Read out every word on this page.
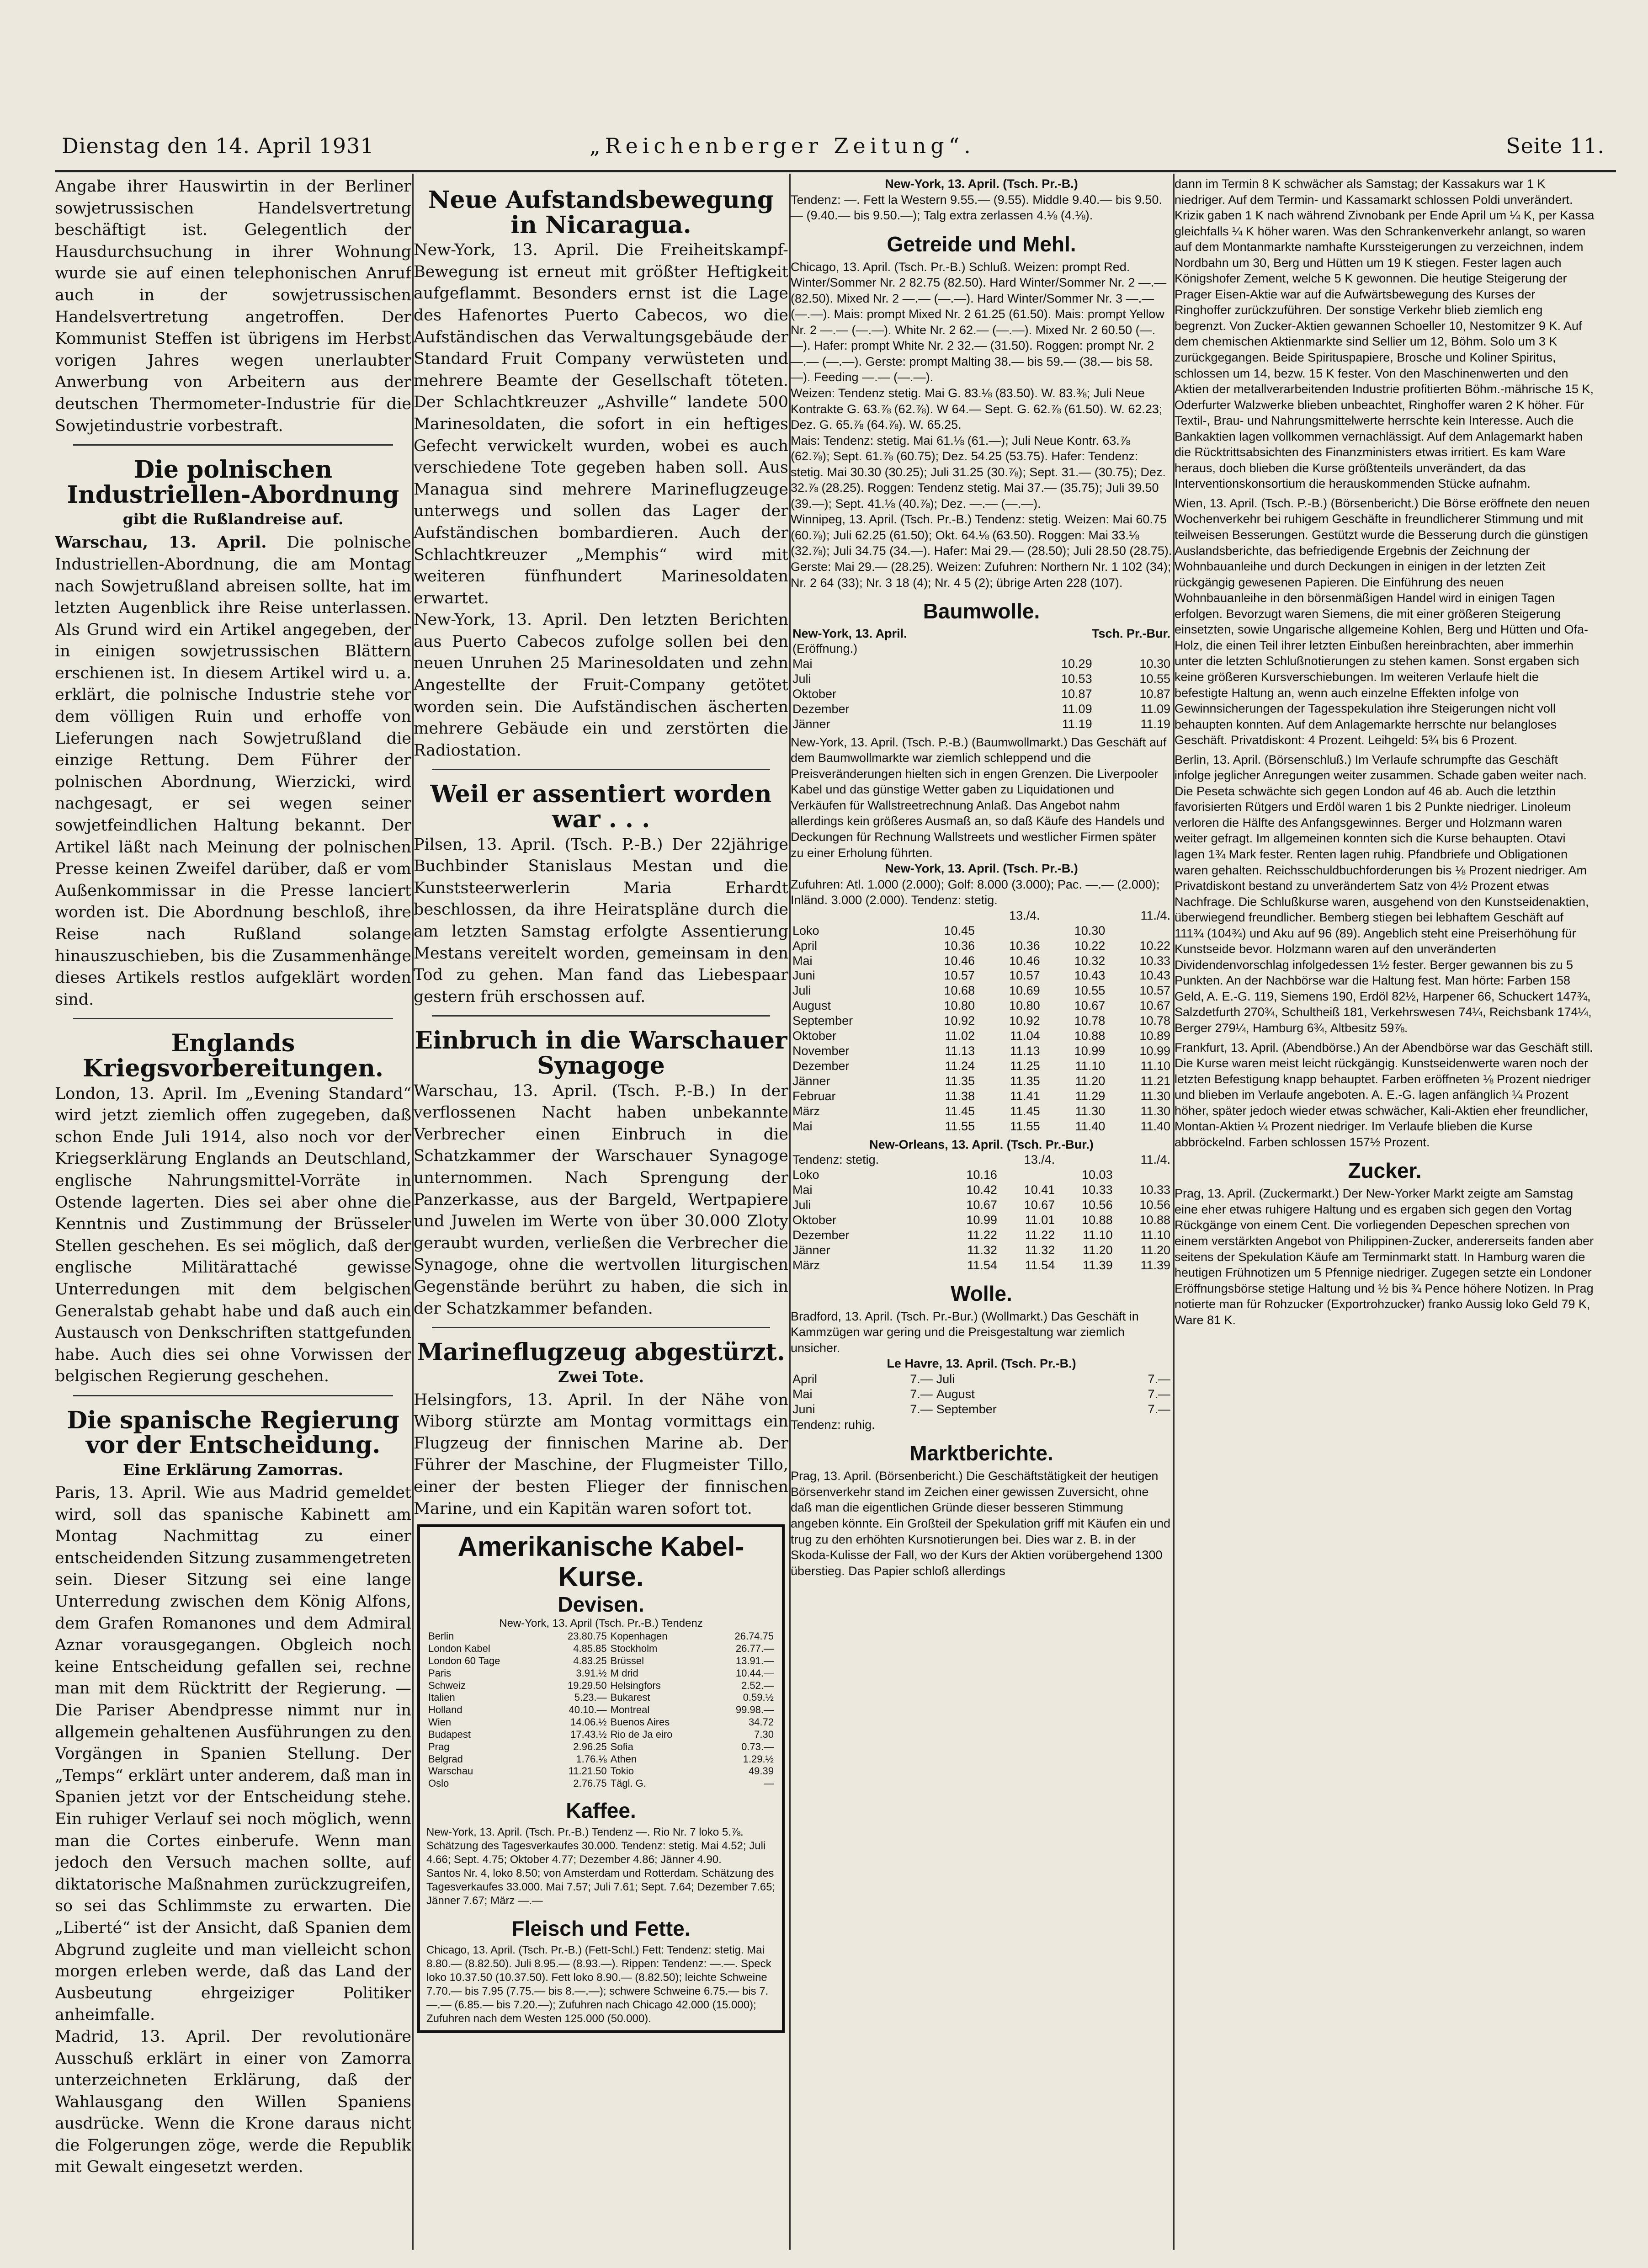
Dienstag den 14. April 1931	„Reichenberger Zeitung“.	Seite 11.

Angabe ihrer Hauswirtin in der Berliner sowjetrussischen Handelsvertretung beschäftigt ist. Gelegentlich der Hausdurchsuchung in ihrer Wohnung wurde sie auf einen telephonischen Anruf auch in der sowjetrussischen Handelsvertretung angetroffen. Der Kommunist Steffen ist übrigens im Herbst vorigen Jahres wegen unerlaubter Anwerbung von Arbeitern aus der deutschen Thermometer-Industrie für die Sowjetindustrie vorbestraft.

Die polnischen Industriellen-Abordnung
gibt die Rußlandreise auf.

Warschau, 13. April. Die polnische Industriellen-Abordnung, die am Montag nach Sowjetrußland abreisen sollte, hat im letzten Augenblick ihre Reise unterlassen. Als Grund wird ein Artikel angegeben, der in einigen sowjetrussischen Blättern erschienen ist. In diesem Artikel wird u. a. erklärt, die polnische Industrie stehe vor dem völligen Ruin und erhoffe von Lieferungen nach Sowjetrußland die einzige Rettung. Dem Führer der polnischen Abordnung, Wierzicki, wird nachgesagt, er sei wegen seiner sowjetfeindlichen Haltung bekannt. Der Artikel läßt nach Meinung der polnischen Presse keinen Zweifel darüber, daß er vom Außenkommissar in die Presse lanciert worden ist. Die Abordnung beschloß, ihre Reise nach Rußland solange hinauszuschieben, bis die Zusammenhänge dieses Artikels restlos aufgeklärt worden sind.

Englands Kriegsvorbereitungen.

London, 13. April. Im „Evening Standard“ wird jetzt ziemlich offen zugegeben, daß schon Ende Juli 1914, also noch vor der Kriegserklärung Englands an Deutschland, englische Nahrungsmittel-Vorräte in Ostende lagerten. Dies sei aber ohne die Kenntnis und Zustimmung der Brüsseler Stellen geschehen. Es sei möglich, daß der englische Militärattaché gewisse Unterredungen mit dem belgischen Generalstab gehabt habe und daß auch ein Austausch von Denkschriften stattgefunden habe. Auch dies sei ohne Vorwissen der belgischen Regierung geschehen.

Die spanische Regierung vor der Entscheidung.
Eine Erklärung Zamorras.

Paris, 13. April. Wie aus Madrid gemeldet wird, soll das spanische Kabinett am Montag Nachmittag zu einer entscheidenden Sitzung zusammengetreten sein. Dieser Sitzung sei eine lange Unterredung zwischen dem König Alfons, dem Grafen Romanones und dem Admiral Aznar vorausgegangen. Obgleich noch keine Entscheidung gefallen sei, rechne man mit dem Rücktritt der Regierung. — Die Pariser Abendpresse nimmt nur in allgemein gehaltenen Ausführungen zu den Vorgängen in Spanien Stellung. Der „Temps“ erklärt unter anderem, daß man in Spanien jetzt vor der Entscheidung stehe. Ein ruhiger Verlauf sei noch möglich, wenn man die Cortes einberufe. Wenn man jedoch den Versuch machen sollte, auf diktatorische Maßnahmen zurückzugreifen, so sei das Schlimmste zu erwarten. Die „Liberté“ ist der Ansicht, daß Spanien dem Abgrund zugleite und man vielleicht schon morgen erleben werde, daß das Land der Ausbeutung ehrgeiziger Politiker anheimfalle.

Madrid, 13. April. Der revolutionäre Ausschuß erklärt in einer von Zamorra unterzeichneten Erklärung, daß der Wahlausgang den Willen Spaniens ausdrücke. Wenn die Krone daraus nicht die Folgerungen zöge, werde die Republik mit Gewalt eingesetzt werden.

Neue Aufstandsbewegung in Nicaragua.

New-York, 13. April. Die Freiheitskampf-Bewegung ist erneut mit größter Heftigkeit aufgeflammt. Besonders ernst ist die Lage des Hafenortes Puerto Cabecos, wo die Aufständischen das Verwaltungsgebäude der Standard Fruit Company verwüsteten und mehrere Beamte der Gesellschaft töteten. Der Schlachtkreuzer „Ashville“ landete 500 Marinesoldaten, die sofort in ein heftiges Gefecht verwickelt wurden, wobei es auch verschiedene Tote gegeben haben soll. Aus Managua sind mehrere Marineflugzeuge unterwegs und sollen das Lager der Aufständischen bombardieren. Auch der Schlachtkreuzer „Memphis“ wird mit weiteren fünfhundert Marinesoldaten erwartet.

New-York, 13. April. Den letzten Berichten aus Puerto Cabecos zufolge sollen bei den neuen Unruhen 25 Marinesoldaten und zehn Angestellte der Fruit-Company getötet worden sein. Die Aufständischen äscherten mehrere Gebäude ein und zerstörten die Radiostation.

Weil er assentiert worden war . . .

Pilsen, 13. April. (Tsch. P.-B.) Der 22jährige Buchbinder Stanislaus Mestan und die Kunststeerwerlerin Maria Erhardt beschlossen, da ihre Heiratspläne durch die am letzten Samstag erfolgte Assentierung Mestans vereitelt worden, gemeinsam in den Tod zu gehen. Man fand das Liebespaar gestern früh erschossen auf.

Einbruch in die Warschauer Synagoge

Warschau, 13. April. (Tsch. P.-B.) In der verflossenen Nacht haben unbekannte Verbrecher einen Einbruch in die Schatzkammer der Warschauer Synagoge unternommen. Nach Sprengung der Panzerkasse, aus der Bargeld, Wertpapiere und Juwelen im Werte von über 30.000 Zloty geraubt wurden, verließen die Verbrecher die Synagoge, ohne die wertvollen liturgischen Gegenstände berührt zu haben, die sich in der Schatzkammer befanden.

Marineflugzeug abgestürzt.
Zwei Tote.

Helsingfors, 13. April. In der Nähe von Wiborg stürzte am Montag vormittags ein Flugzeug der finnischen Marine ab. Der Führer der Maschine, der Flugmeister Tillo, einer der besten Flieger der finnischen Marine, und ein Kapitän waren sofort tot.

Amerikanische Kabel-Kurse.
Devisen.
New-York, 13. April (Tsch. Pr.-B.) Tendenz
Berlin	23.80.75	Kopenhagen	26.74.75
London Kabel	4.85.85	Stockholm	26.77.—
London 60 Tage	4.83.25	Brüssel	13.91.—
Paris	3.91.½	M drid	10.44.—
Schweiz	19.29.50	Helsingfors	2.52.—
Italien	5.23.—	Bukarest	0.59.½
Holland	40.10.—	Montreal	99.98.—
Wien	14.06.½	Buenos Aires	34.72
Budapest	17.43.½	Rio de Ja eiro	7.30
Prag	2.96.25	Sofia	0.73.—
Belgrad	1.76.⅛	Athen	1.29.½
Warschau	11.21.50	Tokio	49.39
Oslo	2.76.75	Tägl. G.	—
Kaffee.
New-York, 13. April. (Tsch. Pr.-B.) Tendenz —. Rio Nr. 7 loko 5.⅞. Schätzung des Tagesverkaufes 30.000. Tendenz: stetig. Mai 4.52; Juli 4.66; Sept. 4.75; Oktober 4.77; Dezember 4.86; Jänner 4.90.
Santos Nr. 4, loko 8.50; von Amsterdam und Rotterdam. Schätzung des Tagesverkaufes 33.000. Mai 7.57; Juli 7.61; Sept. 7.64; Dezember 7.65; Jänner 7.67; März —.—
Fleisch und Fette.
Chicago, 13. April. (Tsch. Pr.-B.) (Fett-Schl.) Fett: Tendenz: stetig. Mai 8.80.— (8.82.50). Juli 8.95.— (8.93.—). Rippen: Tendenz: —.—. Speck loko 10.37.50 (10.37.50). Fett loko 8.90.— (8.82.50); leichte Schweine 7.70.— bis 7.95 (7.75.— bis 8.—.—); schwere Schweine 6.75.— bis 7.—.— (6.85.— bis 7.20.—); Zufuhren nach Chicago 42.000 (15.000); Zufuhren nach dem Westen 125.000 (50.000).
New-York, 13. April. (Tsch. Pr.-B.)
Tendenz: —. Fett la Western 9.55.— (9.55). Middle 9.40.— bis 9.50.— (9.40.— bis 9.50.—); Talg extra zerlassen 4.⅛ (4.⅛).
Getreide und Mehl.
Chicago, 13. April. (Tsch. Pr.-B.) Schluß. Weizen: prompt Red. Winter/Sommer Nr. 2 82.75 (82.50). Hard Winter/Sommer Nr. 2 —.— (82.50). Mixed Nr. 2 —.— (—.—). Hard Winter/Sommer Nr. 3 —.— (—.—). Mais: prompt Mixed Nr. 2 61.25 (61.50). Mais: prompt Yellow Nr. 2 —.— (—.—). White Nr. 2 62.— (—.—). Mixed Nr. 2 60.50 (—.—). Hafer: prompt White Nr. 2 32.— (31.50). Roggen: prompt Nr. 2 —.— (—.—). Gerste: prompt Malting 38.— bis 59.— (38.— bis 58.—). Feeding —.— (—.—).
Weizen: Tendenz stetig. Mai G. 83.⅛ (83.50). W. 83.⅜; Juli Neue Kontrakte G. 63.⅞ (62.⅞). W 64.— Sept. G. 62.⅞ (61.50). W. 62.23; Dez. G. 65.⅞ (64.⅞). W. 65.25.
Mais: Tendenz: stetig. Mai 61.⅛ (61.—); Juli Neue Kontr. 63.⅞ (62.⅞); Sept. 61.⅞ (60.75); Dez. 54.25 (53.75). Hafer: Tendenz: stetig. Mai 30.30 (30.25); Juli 31.25 (30.⅞); Sept. 31.— (30.75); Dez. 32.⅞ (28.25). Roggen: Tendenz stetig. Mai 37.— (35.75); Juli 39.50 (39.—); Sept. 41.⅛ (40.⅞); Dez. —.— (—.—).
Winnipeg, 13. April. (Tsch. Pr.-B.) Tendenz: stetig. Weizen: Mai 60.75 (60.⅞); Juli 62.25 (61.50); Okt. 64.⅛ (63.50). Roggen: Mai 33.⅛ (32.⅞); Juli 34.75 (34.—). Hafer: Mai 29.— (28.50); Juli 28.50 (28.75). Gerste: Mai 29.— (28.25). Weizen: Zufuhren: Northern Nr. 1 102 (34); Nr. 2 64 (33); Nr. 3 18 (4); Nr. 4 5 (2); übrige Arten 228 (107).
Baumwolle.
New-York, 13. April.	Tsch. Pr.-Bur.	
(Eröffnung.)		
Mai	10.29	10.30
Juli	10.53	10.55
Oktober	10.87	10.87
Dezember	11.09	11.09
Jänner	11.19	11.19
New-York, 13. April. (Tsch. P.-B.) (Baumwollmarkt.) Das Geschäft auf dem Baumwollmarkte war ziemlich schleppend und die Preisveränderungen hielten sich in engen Grenzen. Die Liverpooler Kabel und das günstige Wetter gaben zu Liquidationen und Verkäufen für Wallstreetrechnung Anlaß. Das Angebot nahm allerdings kein größeres Ausmaß an, so daß Käufe des Handels und Deckungen für Rechnung Wallstreets und westlicher Firmen später zu einer Erholung führten.
New-York, 13. April. (Tsch. Pr.-B.)
Zufuhren: Atl. 1.000 (2.000); Golf: 8.000 (3.000); Pac. —.— (2.000); Inländ. 3.000 (2.000). Tendenz: stetig.
	13./4.		11./4.	
Loko	10.45		10.30	
April	10.36	10.36	10.22	10.22
Mai	10.46	10.46	10.32	10.33
Juni	10.57	10.57	10.43	10.43
Juli	10.68	10.69	10.55	10.57
August	10.80	10.80	10.67	10.67
September	10.92	10.92	10.78	10.78
Oktober	11.02	11.04	10.88	10.89
November	11.13	11.13	10.99	10.99
Dezember	11.24	11.25	11.10	11.10
Jänner	11.35	11.35	11.20	11.21
Februar	11.38	11.41	11.29	11.30
März	11.45	11.45	11.30	11.30
Mai	11.55	11.55	11.40	11.40
New-Orleans, 13. April. (Tsch. Pr.-Bur.)
Tendenz: stetig.	13./4.		11./4.	
Loko	10.16		10.03	
Mai	10.42	10.41	10.33	10.33
Juli	10.67	10.67	10.56	10.56
Oktober	10.99	11.01	10.88	10.88
Dezember	11.22	11.22	11.10	11.10
Jänner	11.32	11.32	11.20	11.20
März	11.54	11.54	11.39	11.39
Wolle.
Bradford, 13. April. (Tsch. Pr.-Bur.) (Wollmarkt.) Das Geschäft in Kammzügen war gering und die Preisgestaltung war ziemlich unsicher.
Le Havre, 13. April. (Tsch. Pr.-B.)
April	7.—	Juli	7.—
Mai	7.—	August	7.—
Juni	7.—	September	7.—
Tendenz: ruhig.
Marktberichte.
Prag, 13. April. (Börsenbericht.) Die Geschäftstätigkeit der heutigen Börsenverkehr stand im Zeichen einer gewissen Zuversicht, ohne daß man die eigentlichen Gründe dieser besseren Stimmung angeben könnte. Ein Großteil der Spekulation griff mit Käufen ein und trug zu den erhöhten Kursnotierungen bei. Dies war z. B. in der Skoda-Kulisse der Fall, wo der Kurs der Aktien vorübergehend 1300 überstieg. Das Papier schloß allerdings
dann im Termin 8 K schwächer als Samstag; der Kassakurs war 1 K niedriger. Auf dem Termin- und Kassamarkt schlossen Poldi unverändert. Kriziк gaben 1 K nach während Zivnobank per Ende April um ¼ K, per Kassa gleichfalls ¼ K höher waren. Was den Schrankenverkehr anlangt, so waren auf dem Montanmarkte namhafte Kurssteigerungen zu verzeichnen, indem Nordbahn um 30, Berg und Hütten um 19 K stiegen. Fester lagen auch Königshofer Zement, welche 5 K gewonnen. Die heutige Steigerung der Prager Eisen-Aktie war auf die Aufwärtsbewegung des Kurses der Ringhoffer zurückzuführen. Der sonstige Verkehr blieb ziemlich eng begrenzt. Von Zucker-Aktien gewannen Schoeller 10, Nestomitzer 9 K. Auf dem chemischen Aktienmarkte sind Sellier um 12, Böhm. Solo um 3 K zurückgegangen. Beide Spirituspapiere, Brosche und Koliner Spiritus, schlossen um 14, bezw. 15 K fester. Von den Maschinenwerten und den Aktien der metallverarbeitenden Industrie profitierten Böhm.-mährische 15 K, Oderfurter Walzwerke blieben unbeachtet, Ringhoffer waren 2 K höher. Für Textil-, Brau- und Nahrungsmittelwerte herrschte kein Interesse. Auch die Bankaktien lagen vollkommen vernachlässigt. Auf dem Anlagemarkt haben die Rücktrittsabsichten des Finanzministers etwas irritiert. Es kam Ware heraus, doch blieben die Kurse größtenteils unverändert, da das Interventionskonsortium die herauskommenden Stücke aufnahm.
Wien, 13. April. (Tsch. P.-B.) (Börsenbericht.) Die Börse eröffnete den neuen Wochenverkehr bei ruhigem Geschäfte in freundlicherer Stimmung und mit teilweisen Besserungen. Gestützt wurde die Besserung durch die günstigen Auslandsberichte, das befriedigende Ergebnis der Zeichnung der Wohnbauanleihe und durch Deckungen in einigen in der letzten Zeit rückgängig gewesenen Papieren. Die Einführung des neuen Wohnbauanleihe in den börsenmäßigen Handel wird in einigen Tagen erfolgen. Bevorzugt waren Siemens, die mit einer größeren Steigerung einsetzten, sowie Ungarische allgemeine Kohlen, Berg und Hütten und Ofa-Holz, die einen Teil ihrer letzten Einbußen hereinbrachten, aber immerhin unter die letzten Schlußnotierungen zu stehen kamen. Sonst ergaben sich keine größeren Kursverschiebungen. Im weiteren Verlaufe hielt die befestigte Haltung an, wenn auch einzelne Effekten infolge von Gewinnsicherungen der Tagesspekulation ihre Steigerungen nicht voll behaupten konnten. Auf dem Anlagemarkte herrschte nur belangloses Geschäft. Privatdiskont: 4 Prozent. Leihgeld: 5¾ bis 6 Prozent.
Berlin, 13. April. (Börsenschluß.) Im Verlaufe schrumpfte das Geschäft infolge jeglicher Anregungen weiter zusammen. Schade gaben weiter nach. Die Peseta schwächte sich gegen London auf 46 ab. Auch die letzthin favorisierten Rütgers und Erdöl waren 1 bis 2 Punkte niedriger. Linoleum verloren die Hälfte des Anfangsgewinnes. Berger und Holzmann waren weiter gefragt. Im allgemeinen konnten sich die Kurse behaupten. Otavi lagen 1¾ Mark fester. Renten lagen ruhig. Pfandbriefe und Obligationen waren gehalten. Reichsschuldbuchforderungen bis ⅛ Prozent niedriger. Am Privatdiskont bestand zu unverändertem Satz von 4½ Prozent etwas Nachfrage. Die Schlußkurse waren, ausgehend von den Kunstseidenaktien, überwiegend freundlicher. Bemberg stiegen bei lebhaftem Geschäft auf 111¾ (104¾) und Aku auf 96 (89). Angeblich steht eine Preiserhöhung für Kunstseide bevor. Holzmann waren auf den unveränderten Dividendenvorschlag infolgedessen 1½ fester. Berger gewannen bis zu 5 Punkten. An der Nachbörse war die Haltung fest. Man hörte: Farben 158 Geld, A. E.-G. 119, Siemens 190, Erdöl 82½, Harpener 66, Schuckert 147¾, Salzdetfurth 270¾, Schultheiß 181, Verkehrswesen 74¼, Reichsbank 174¼, Berger 279¼, Hamburg 6¾, Altbesitz 59⅞.
Frankfurt, 13. April. (Abendbörse.) An der Abendbörse war das Geschäft still. Die Kurse waren meist leicht rückgängig. Kunstseidenwerte waren noch der letzten Befestigung knapp behauptet. Farben eröffneten ⅛ Prozent niedriger und blieben im Verlaufe angeboten. A. E.-G. lagen anfänglich ¼ Prozent höher, später jedoch wieder etwas schwächer, Kali-Aktien eher freundlicher, Montan-Aktien ¼ Prozent niedriger. Im Verlaufe blieben die Kurse abbröckelnd. Farben schlossen 157½ Prozent.
Zucker.
Prag, 13. April. (Zuckermarkt.) Der New-Yorker Markt zeigte am Samstag eine eher etwas ruhigere Haltung und es ergaben sich gegen den Vortag Rückgänge von einem Cent. Die vorliegenden Depeschen sprechen von einem verstärkten Angebot von Philippinen-Zucker, andererseits fanden aber seitens der Spekulation Käufe am Terminmarkt statt. In Hamburg waren die heutigen Frühnotizen um 5 Pfennige niedriger. Zugegen setzte ein Londoner Eröffnungsbörse stetige Haltung und ½ bis ¾ Pence höhere Notizen. In Prag notierte man für Rohzucker (Exportrohzucker) franko Aussig loko Geld 79 K, Ware 81 K.
